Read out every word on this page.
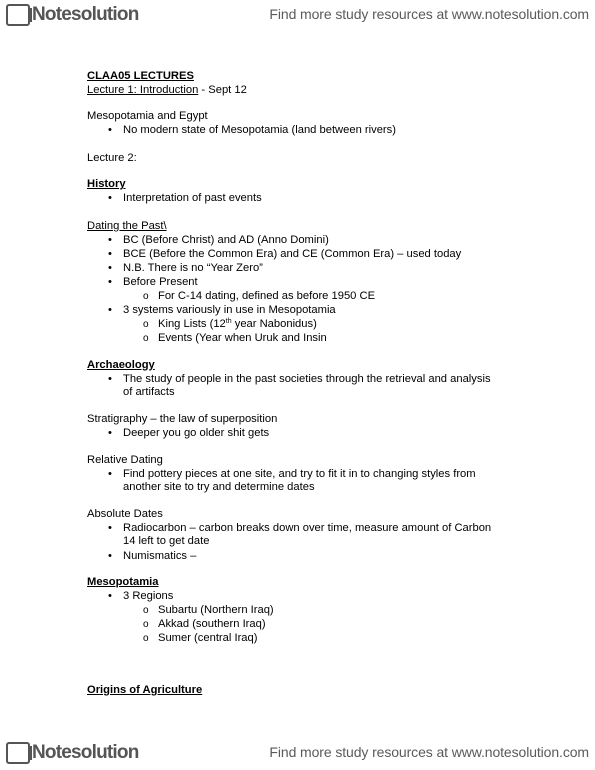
Notesolution	Find more study resources at www.notesolution.com
CLAA05 LECTURES
Lecture 1: Introduction - Sept 12
Mesopotamia and Egypt
• No modern state of Mesopotamia (land between rivers)
Lecture 2:
History
• Interpretation of past events
Dating the Past\
• BC (Before Christ) and AD (Anno Domini)
• BCE (Before the Common Era) and CE (Common Era) – used today
• N.B. There is no “Year Zero”
• Before Present
o For C-14 dating, defined as before 1950 CE
• 3 systems variously in use in Mesopotamia
o King Lists (12th year Nabonidus)
o Events (Year when Uruk and Insin
Archaeology
• The study of people in the past societies through the retrieval and analysis
of artifacts
Stratigraphy – the law of superposition
• Deeper you go older shit gets
Relative Dating
• Find pottery pieces at one site, and try to fit it in to changing styles from
another site to try and determine dates
Absolute Dates
• Radiocarbon – carbon breaks down over time, measure amount of Carbon
14 left to get date
• Numismatics –
Mesopotamia
• 3 Regions
o Subartu (Northern Iraq)
o Akkad (southern Iraq)
o Sumer (central Iraq)
Origins of Agriculture
Notesolution	Find more study resources at www.notesolution.com
